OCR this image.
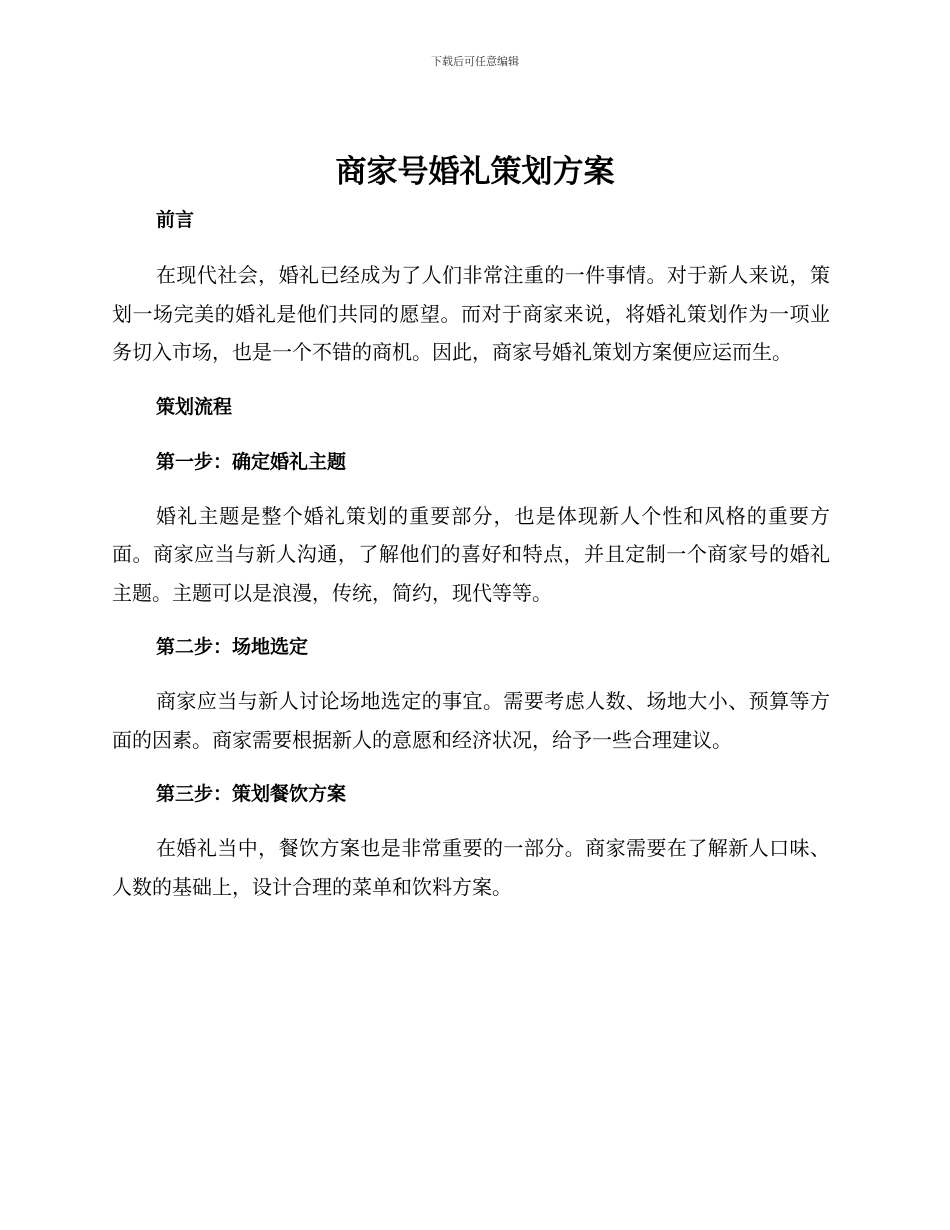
下载后可任意编辑
商家号婚礼策划方案
前言

在现代社会，婚礼已经成为了人们非常注重的一件事情。对于新人来说，策划一场完美的婚礼是他们共同的愿望。而对于商家来说，将婚礼策划作为一项业务切入市场，也是一个不错的商机。因此，商家号婚礼策划方案便应运而生。

策划流程
第一步：确定婚礼主题

婚礼主题是整个婚礼策划的重要部分，也是体现新人个性和风格的重要方面。商家应当与新人沟通，了解他们的喜好和特点，并且定制一个商家号的婚礼主题。主题可以是浪漫，传统，简约，现代等等。

第二步：场地选定

商家应当与新人讨论场地选定的事宜。需要考虑人数、场地大小、预算等方面的因素。商家需要根据新人的意愿和经济状况，给予一些合理建议。

第三步：策划餐饮方案

在婚礼当中，餐饮方案也是非常重要的一部分。商家需要在了解新人口味、人数的基础上，设计合理的菜单和饮料方案。
